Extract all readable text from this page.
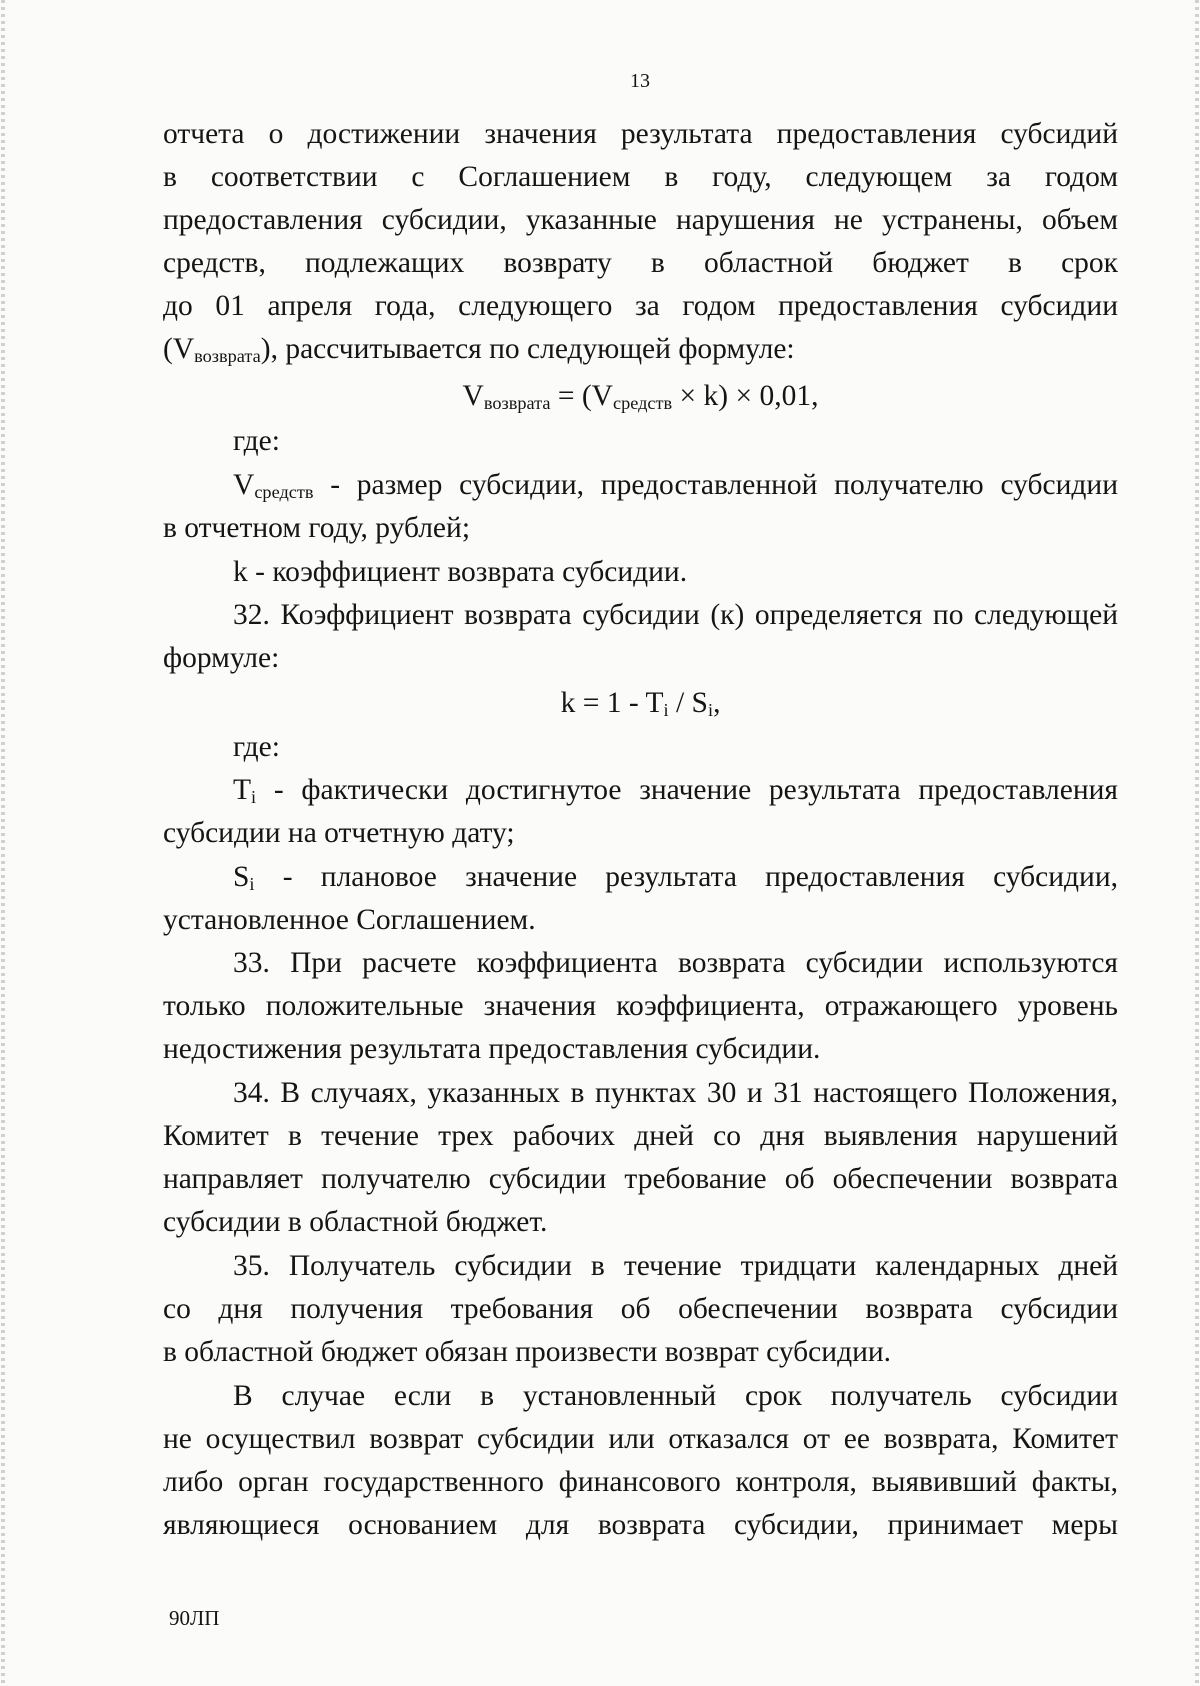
13
отчета о достижении значения результата предоставления субсидий
в соответствии с Соглашением в году, следующем за годом
предоставления субсидии, указанные нарушения не устранены, объем
средств, подлежащих возврату в областной бюджет в срок
до 01 апреля года, следующего за годом предоставления субсидии
$(V_{возврата})$, рассчитывается по следующей формуле:
$V_{возврата} = (V_{средств} \times k) \times 0,01$,
где:
$V_{средств}$ - размер субсидии, предоставленной получателю субсидии
в отчетном году, рублей;
k - коэффициент возврата субсидии.
32. Коэффициент возврата субсидии (к) определяется по следующей
формуле:
$k = 1 - T_i / S_i$,
где:
$T_i$ - фактически достигнутое значение результата предоставления
субсидии на отчетную дату;
$S_i$ - плановое значение результата предоставления субсидии,
установленное Соглашением.
33. При расчете коэффициента возврата субсидии используются
только положительные значения коэффициента, отражающего уровень
недостижения результата предоставления субсидии.
34. В случаях, указанных в пунктах 30 и 31 настоящего Положения,
Комитет в течение трех рабочих дней со дня выявления нарушений
направляет получателю субсидии требование об обеспечении возврата
субсидии в областной бюджет.
35. Получатель субсидии в течение тридцати календарных дней
со дня получения требования об обеспечении возврата субсидии
в областной бюджет обязан произвести возврат субсидии.
В случае если в установленный срок получатель субсидии
не осуществил возврат субсидии или отказался от ее возврата, Комитет
либо орган государственного финансового контроля, выявивший факты,
являющиеся основанием для возврата субсидии, принимает меры
90ЛП
